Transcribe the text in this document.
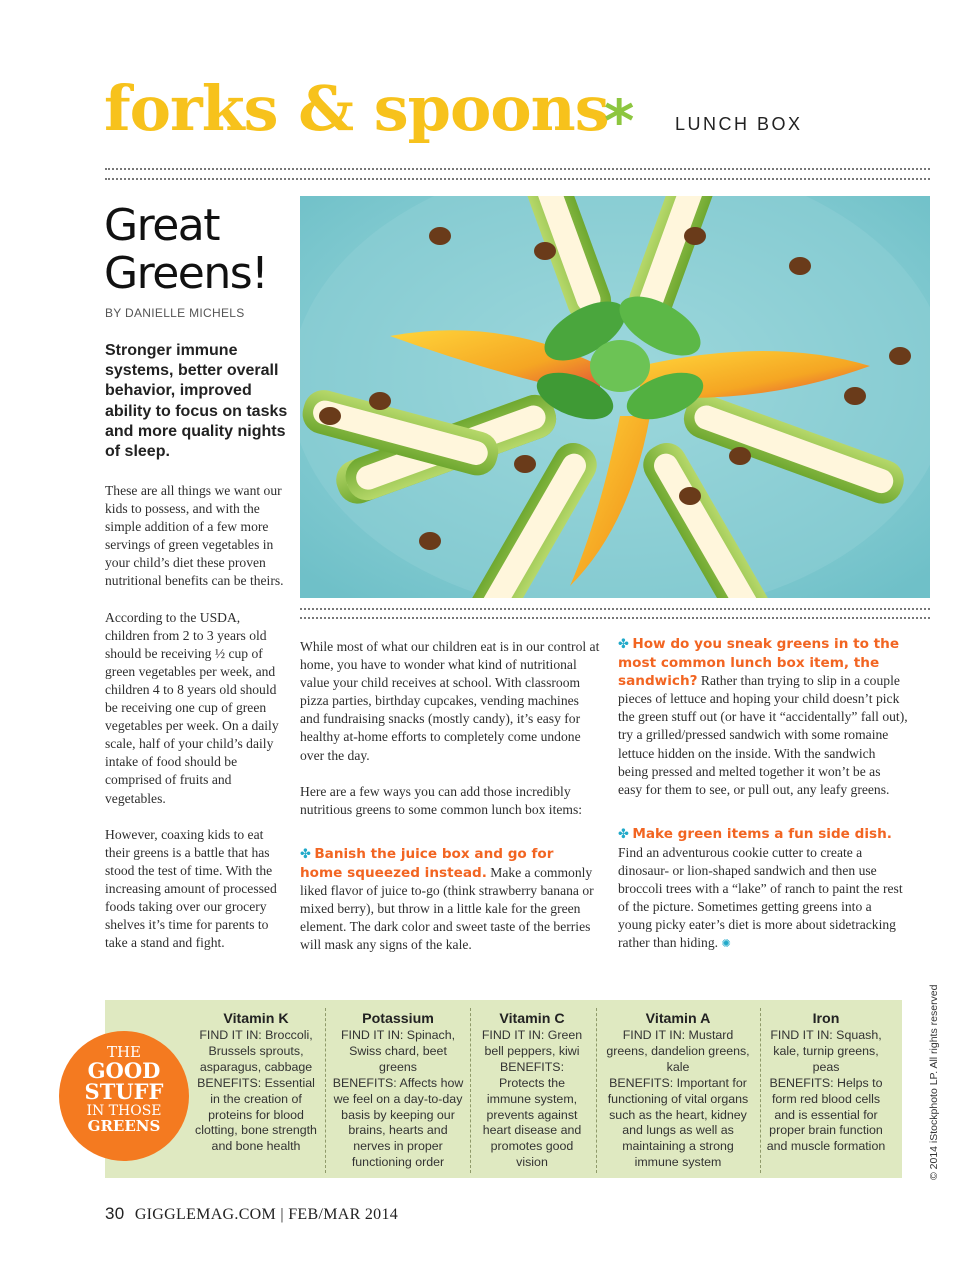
forks & spoons
* LUNCH BOX
Great
Greens!
BY DANIELLE MICHELS
Stronger immune systems, better overall behavior, improved ability to focus on tasks and more quality nights of sleep.

These are all things we want our kids to possess, and with the simple addition of a few more servings of green vegetables in your child’s diet these proven nutritional benefits can be theirs.

According to the USDA, children from 2 to 3 years old should be receiving ½ cup of green vegetables per week, and children 4 to 8 years old should be receiving one cup of green vegetables per week. On a daily scale, half of your child’s daily intake of food should be comprised of fruits and vegetables.

However, coaxing kids to eat their greens is a battle that has stood the test of time. With the increasing amount of processed foods taking over our grocery shelves it’s time for parents to take a stand and fight.

While most of what our children eat is in our control at home, you have to wonder what kind of nutritional value your child receives at school. With classroom pizza parties, birthday cupcakes, vending machines and fundraising snacks (mostly candy), it’s easy for healthy at-home efforts to completely come undone over the day.

Here are a few ways you can add those incredibly nutritious greens to some common lunch box items:

✤ Banish the juice box and go for home squeezed instead. Make a commonly liked flavor of juice to-go (think strawberry banana or mixed berry), but throw in a little kale for the green element. The dark color and sweet taste of the berries will mask any signs of the kale.

✤ How do you sneak greens in to the most common lunch box item, the sandwich? Rather than trying to slip in a couple pieces of lettuce and hoping your child doesn’t pick the green stuff out (or have it “accidentally” fall out), try a grilled/pressed sandwich with some romaine lettuce hidden on the inside. With the sandwich being pressed and melted together it won’t be as easy for them to see, or pull out, any leafy greens.

✤ Make green items a fun side dish. Find an adventurous cookie cutter to create a dinosaur- or lion-shaped sandwich and then use broccoli trees with a “lake” of ranch to paint the rest of the picture. Sometimes getting greens into a young picky eater’s diet is more about sidetracking rather than hiding. ✺

© 2014 iStockphoto LP. All rights reserved
THE
GOOD
STUFF
IN THOSE
GREENS
Vitamin K
FIND IT IN: Broccoli, Brussels sprouts, asparagus, cabbage
BENEFITS: Essential in the creation of proteins for blood clotting, bone strength and bone health
Potassium
FIND IT IN: Spinach, Swiss chard, beet greens
BENEFITS: Affects how we feel on a day-to-day basis by keeping our brains, hearts and nerves in proper functioning order
Vitamin C
FIND IT IN: Green bell peppers, kiwi
BENEFITS: Protects the immune system, prevents against heart disease and promotes good vision
Vitamin A
FIND IT IN: Mustard greens, dandelion greens, kale
BENEFITS: Important for functioning of vital organs such as the heart, kidney and lungs as well as maintaining a strong immune system
Iron
FIND IT IN: Squash, kale, turnip greens, peas
BENEFITS: Helps to form red blood cells and is essential for proper brain function and muscle formation
30 GIGGLEMAG.COM | FEB/MAR 2014
